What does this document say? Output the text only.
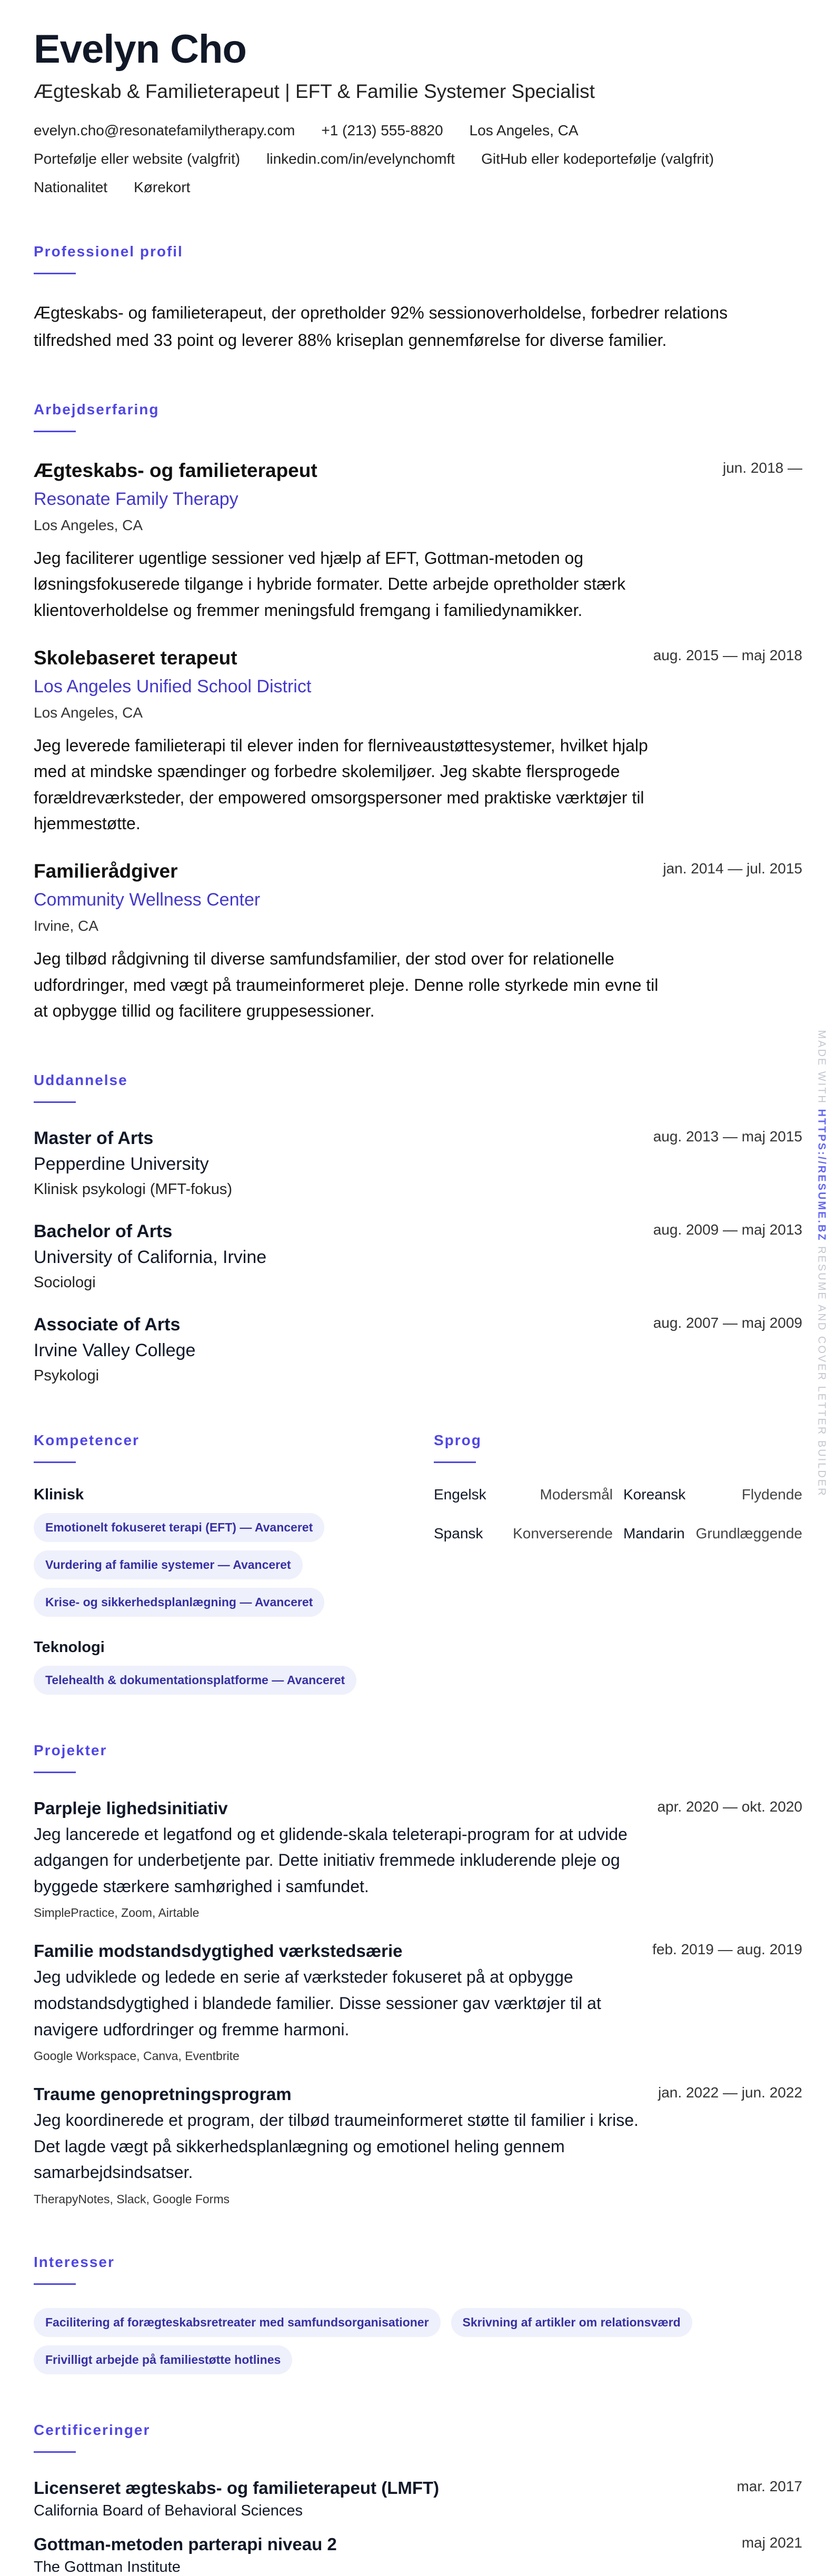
Evelyn Cho
Ægteskab & Familieterapeut | EFT & Familie Systemer Specialist
evelyn.cho@resonatefamilytherapy.com +1 (213) 555-8820 Los Angeles, CA
Portefølje eller website (valgfrit) linkedin.com/in/evelynchomft GitHub eller kodeportefølje (valgfrit)
Nationalitet Kørekort
Professionel profil
Ægteskabs- og familieterapeut, der opretholder 92% sessionoverholdelse, forbedrer relations tilfredshed med 33 point og leverer 88% kriseplan gennemførelse for diverse familier.
Arbejdserfaring
jun. 2018 —
Ægteskabs- og familieterapeut
Resonate Family Therapy
Los Angeles, CA
Jeg faciliterer ugentlige sessioner ved hjælp af EFT, Gottman-metoden og løsningsfokuserede tilgange i hybride formater. Dette arbejde opretholder stærk klientoverholdelse og fremmer meningsfuld fremgang i familiedynamikker.
aug. 2015 — maj 2018
Skolebaseret terapeut
Los Angeles Unified School District
Los Angeles, CA
Jeg leverede familieterapi til elever inden for flerniveaustøttesystemer, hvilket hjalp med at mindske spændinger og forbedre skolemiljøer. Jeg skabte flersprogede forældreværksteder, der empowered omsorgspersoner med praktiske værktøjer til hjemmestøtte.
jan. 2014 — jul. 2015
Familierådgiver
Community Wellness Center
Irvine, CA
Jeg tilbød rådgivning til diverse samfundsfamilier, der stod over for relationelle udfordringer, med vægt på traumeinformeret pleje. Denne rolle styrkede min evne til at opbygge tillid og facilitere gruppesessioner.
Uddannelse
aug. 2013 — maj 2015
Master of Arts
Pepperdine University
Klinisk psykologi (MFT-fokus)
aug. 2009 — maj 2013
Bachelor of Arts
University of California, Irvine
Sociologi
aug. 2007 — maj 2009
Associate of Arts
Irvine Valley College
Psykologi
Kompetencer
Klinisk
Emotionelt fokuseret terapi (EFT) — Avanceret
Vurdering af familie systemer — Avanceret
Krise- og sikkerhedsplanlægning — Avanceret
Teknologi
Telehealth & dokumentationsplatforme — Avanceret
Sprog
Engelsk	Modersmål Koreansk	Flydende
Spansk Konverserende Mandarin Grundlæggende
Projekter
apr. 2020 — okt. 2020
Parpleje lighedsinitiativ
Jeg lancerede et legatfond og et glidende-skala teleterapi-program for at udvide adgangen for underbetjente par. Dette initiativ fremmede inkluderende pleje og byggede stærkere samhørighed i samfundet.
SimplePractice, Zoom, Airtable
feb. 2019 — aug. 2019
Familie modstandsdygtighed værkstedsærie
Jeg udviklede og ledede en serie af værksteder fokuseret på at opbygge modstandsdygtighed i blandede familier. Disse sessioner gav værktøjer til at navigere udfordringer og fremme harmoni.
Google Workspace, Canva, Eventbrite
jan. 2022 — jun. 2022
Traume genopretningsprogram
Jeg koordinerede et program, der tilbød traumeinformeret støtte til familier i krise. Det lagde vægt på sikkerhedsplanlægning og emotionel heling gennem samarbejdsindsatser.
TherapyNotes, Slack, Google Forms
Interesser
Facilitering af forægteskabsretreater med samfundsorganisationer	Skrivning af artikler om relationsværd
Frivilligt arbejde på familiestøtte hotlines
Certificeringer
mar. 2017
Licenseret ægteskabs- og familieterapeut (LMFT)
California Board of Behavioral Sciences
maj 2021
Gottman-metoden parterapi niveau 2
The Gottman Institute
MADE WITH HTTPS://RESUME.BZ RESUME AND COVER LETTER BUILDER
